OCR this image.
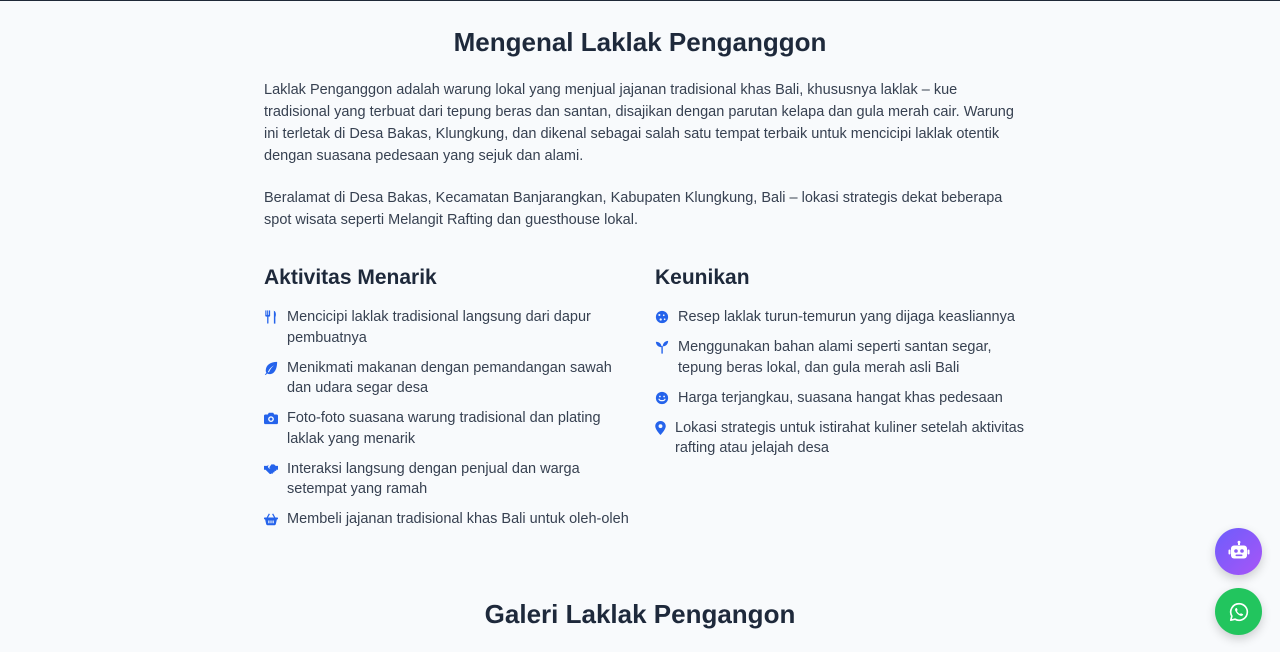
Mengenal Laklak Penganggon

Laklak Penganggon adalah warung lokal yang menjual jajanan tradisional khas Bali, khususnya laklak – kue tradisional yang terbuat dari tepung beras dan santan, disajikan dengan parutan kelapa dan gula merah cair. Warung ini terletak di Desa Bakas, Klungkung, dan dikenal sebagai salah satu tempat terbaik untuk mencicipi laklak otentik dengan suasana pedesaan yang sejuk dan alami.

Beralamat di Desa Bakas, Kecamatan Banjarangkan, Kabupaten Klungkung, Bali – lokasi strategis dekat beberapa spot wisata seperti Melangit Rafting dan guesthouse lokal.

Aktivitas Menarik
Mencicipi laklak tradisional langsung dari dapur pembuatnya
Menikmati makanan dengan pemandangan sawah dan udara segar desa
Foto-foto suasana warung tradisional dan plating laklak yang menarik
Interaksi langsung dengan penjual dan warga setempat yang ramah
Membeli jajanan tradisional khas Bali untuk oleh-oleh
Keunikan
Resep laklak turun-temurun yang dijaga keasliannya
Menggunakan bahan alami seperti santan segar, tepung beras lokal, dan gula merah asli Bali
Harga terjangkau, suasana hangat khas pedesaan
Lokasi strategis untuk istirahat kuliner setelah aktivitas rafting atau jelajah desa
Galeri Laklak Pengangon
